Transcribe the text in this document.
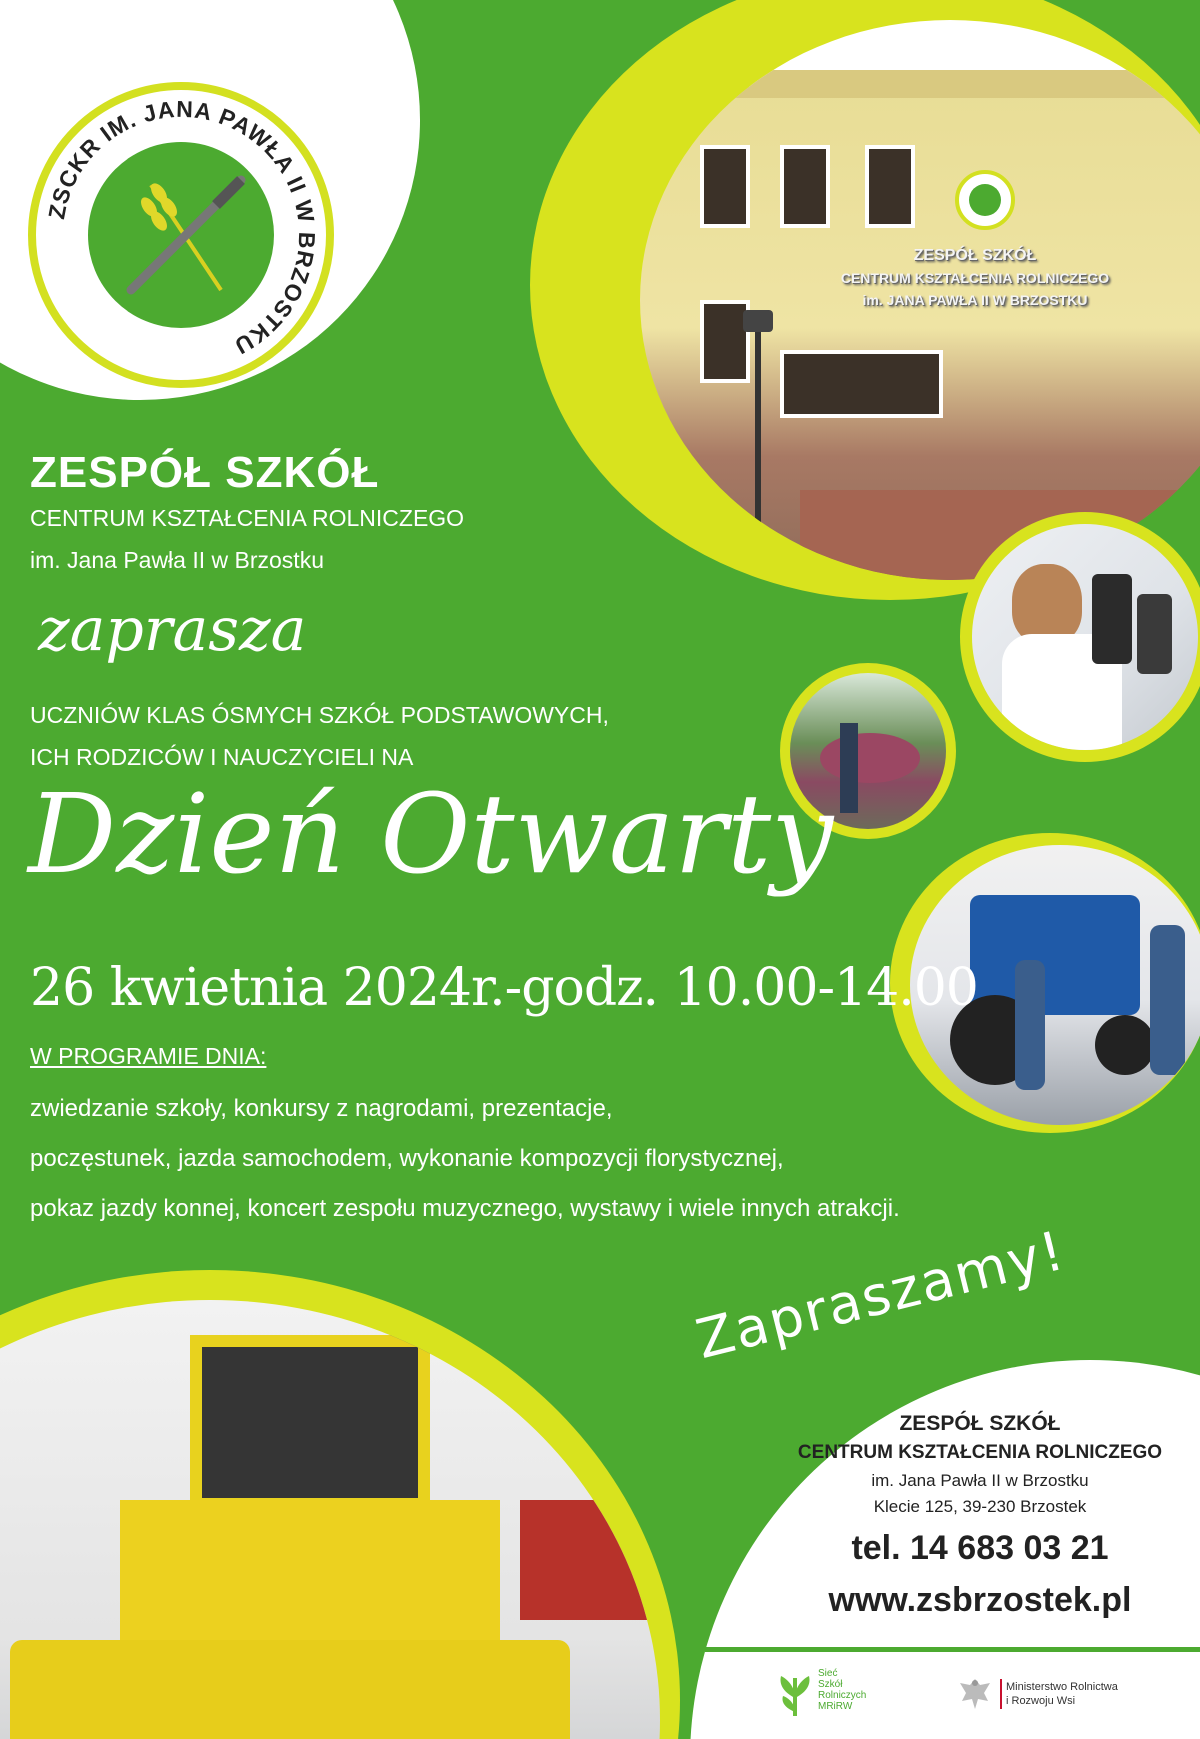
ZSCKR IM. JANA PAWŁA II W BRZOSTKU
ZESPÓŁ SZKÓŁ
CENTRUM KSZTAŁCENIA ROLNICZEGO
im. JANA PAWŁA II W BRZOSTKU
ZESPÓŁ SZKÓŁ
CENTRUM KSZTAŁCENIA ROLNICZEGO
im. Jana Pawła II w Brzostku
zaprasza
UCZNIÓW KLAS ÓSMYCH SZKÓŁ PODSTAWOWYCH,
ICH RODZICÓW I NAUCZYCIELI NA
Dzień Otwarty
26 kwietnia 2024r.-godz. 10.00-14.00
W PROGRAMIE DNIA:
zwiedzanie szkoły, konkursy z nagrodami, prezentacje,
poczęstunek, jazda samochodem, wykonanie kompozycji florystycznej,
pokaz jazdy konnej, koncert zespołu muzycznego, wystawy i wiele innych atrakcji.
Zapraszamy!
ZESPÓŁ SZKÓŁ
CENTRUM KSZTAŁCENIA ROLNICZEGO
im. Jana Pawła II w Brzostku
Klecie 125, 39-230 Brzostek
tel. 14 683 03 21
www.zsbrzostek.pl
Sieć
Szkół
Rolniczych
MRiRW
Ministerstwo Rolnictwa
i Rozwoju Wsi
